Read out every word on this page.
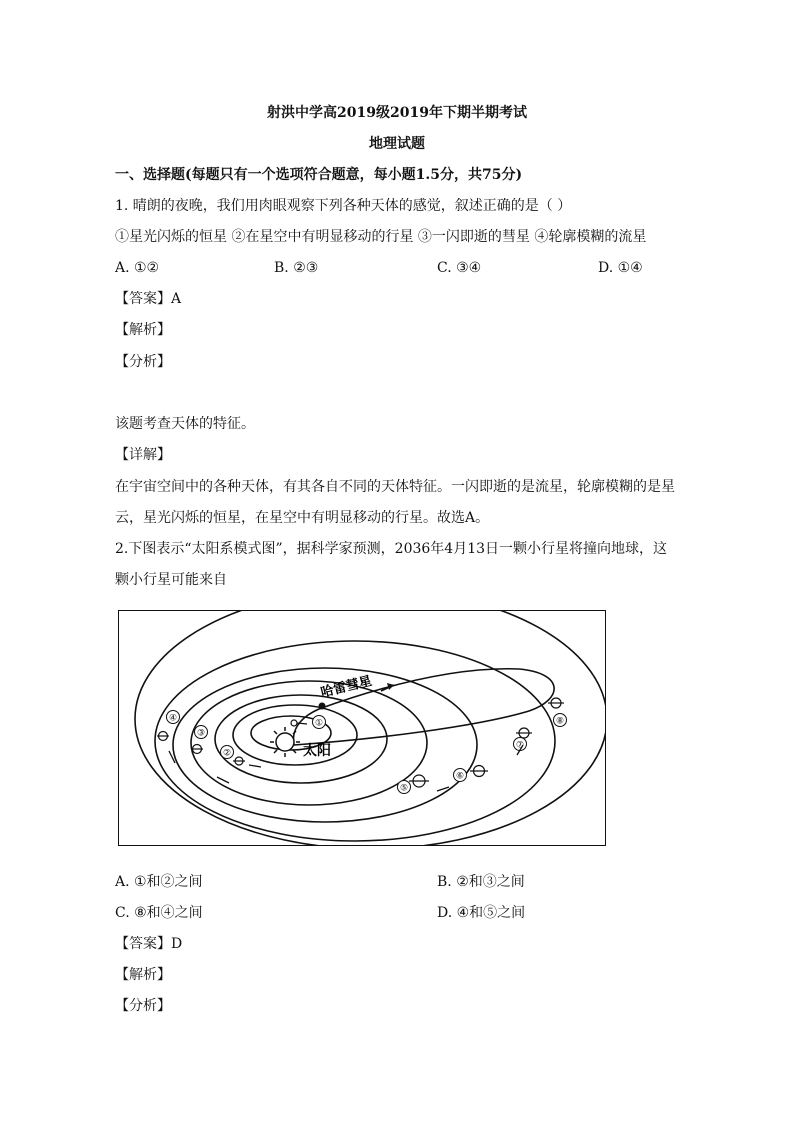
射洪中学高2019级2019年下期半期考试
地理试题
一、选择题(每题只有一个选项符合题意，每小题1.5分，共75分)
1. 晴朗的夜晚，我们用肉眼观察下列各种天体的感觉，叙述正确的是（ ）
①星光闪烁的恒星 ②在星空中有明显移动的行星 ③一闪即逝的彗星 ④轮廓模糊的流星
A. ①②	B. ②③	C. ③④	D. ①④
【答案】A
【解析】
【分析】
该题考查天体的特征。
【详解】
在宇宙空间中的各种天体，有其各自不同的天体特征。一闪即逝的是流星，轮廓模糊的是星
云，星光闪烁的恒星，在星空中有明显移动的行星。故选A。
2.下图表示“太阳系模式图”，据科学家预测，2036年4月13日一颗小行星将撞向地球，这
颗小行星可能来自
太阳
哈雷彗星
①
②
③
④
⑤
⑥
⑦
⑧
A. ①和②之间	B. ②和③之间
C. ⑧和④之间	D. ④和⑤之间
【答案】D
【解析】
【分析】
